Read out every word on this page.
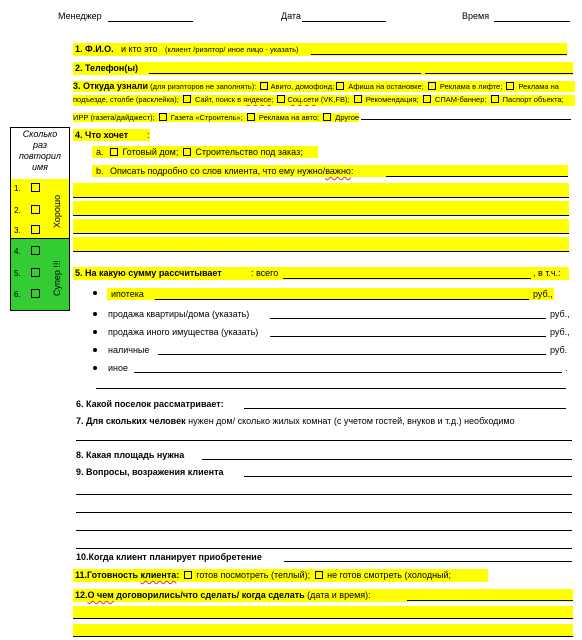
Менеджер	Дата	Время
Сколько
раз
повторил
имя
1.
2.
3.
Хорошо
4.
5.
6.	Супер !!!
1. Ф.И.О. и кто это (клиент /риэлтор/ иное лицо - указать)
2. Телефон(ы)
3. Откуда узнали (для риэлторов не заполнять): Авито, домофонд; Афиша на остановке;  Реклама в лифте;  Реклама на
подъезде, столбе (расклейка);  Сайт, поиск в яндексе; Соц.сети (VK,FB);  Рекомендация;  СПАМ-баннер;  Паспорт объекта;
ИРР (газета/дайджест);  Газета «Строитель»;  Реклама на авто;  Другое
4. Что хочет :
a.	Готовый дом;  Строительство под заказ;
b. Описать подробно со слов клиента, что ему нужно/важно:
5. На какую сумму рассчитывает	: всего	, в т.ч.:
ипотека	руб.,
продажа квартиры/дома (указать)	руб.,
продажа иного имущества (указать)	руб.,
наличные	руб.
иное	.
6. Какой поселок рассматривает:
7. Для скольких человек нужен дом/ сколько жилых комнат (с учетом гостей, внуков и т.д.) необходимо
8. Какая площадь нужна
9. Вопросы, возражения клиента
10.Когда клиент планирует приобретение
11.Готовность клиента:  готов посмотреть (теплый);  не готов смотреть (холодный;
12.О чем договорились/что сделать/ когда сделать (дата и время):
